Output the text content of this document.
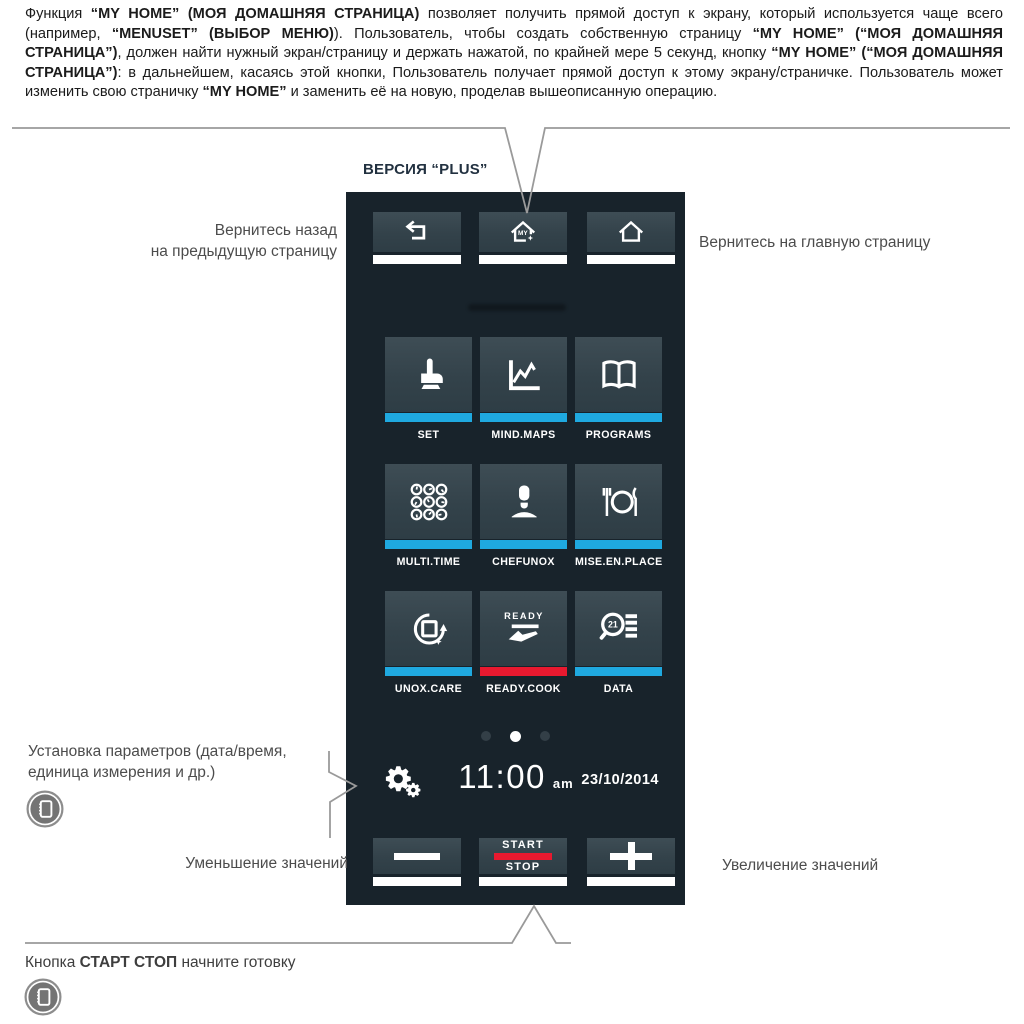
Функция “MY HOME” (МОЯ ДОМАШНЯЯ СТРАНИЦА) позволяет получить прямой доступ к экрану, который используется чаще всего (например, “MENUSET” (ВЫБОР МЕНЮ)). Пользователь, чтобы создать собственную страницу “MY HOME” (“МОЯ ДОМАШНЯЯ СТРАНИЦА”), должен найти нужный экран/страницу и держать нажатой, по крайней мере 5 секунд, кнопку “MY HOME” (“МОЯ ДОМАШНЯЯ СТРАНИЦА”): в дальнейшем, касаясь этой кнопки, Пользователь получает прямой доступ к этому экрану/страничке. Пользователь может изменить свою страничку “MY HOME” и заменить её на новую, проделав вышеописанную операцию.

ВЕРСИЯ “PLUS”
MY
SET	MIND.MAPS	PROGRAMS
MULTI.TIME	CHEFUNOX	MISE.EN.PLACE
UNOX.CARE
READY
READY.COOK
21
DATA
11:00 am 23/10/2014
START
STOP
Вернитесь назад
на предыдущую страницу
Вернитесь на главную страницу
Установка параметров (дата/время,
единица измерения и др.)
Уменьшение значений	Увеличение значений
Кнопка СТАРТ СТОП начните готовку
